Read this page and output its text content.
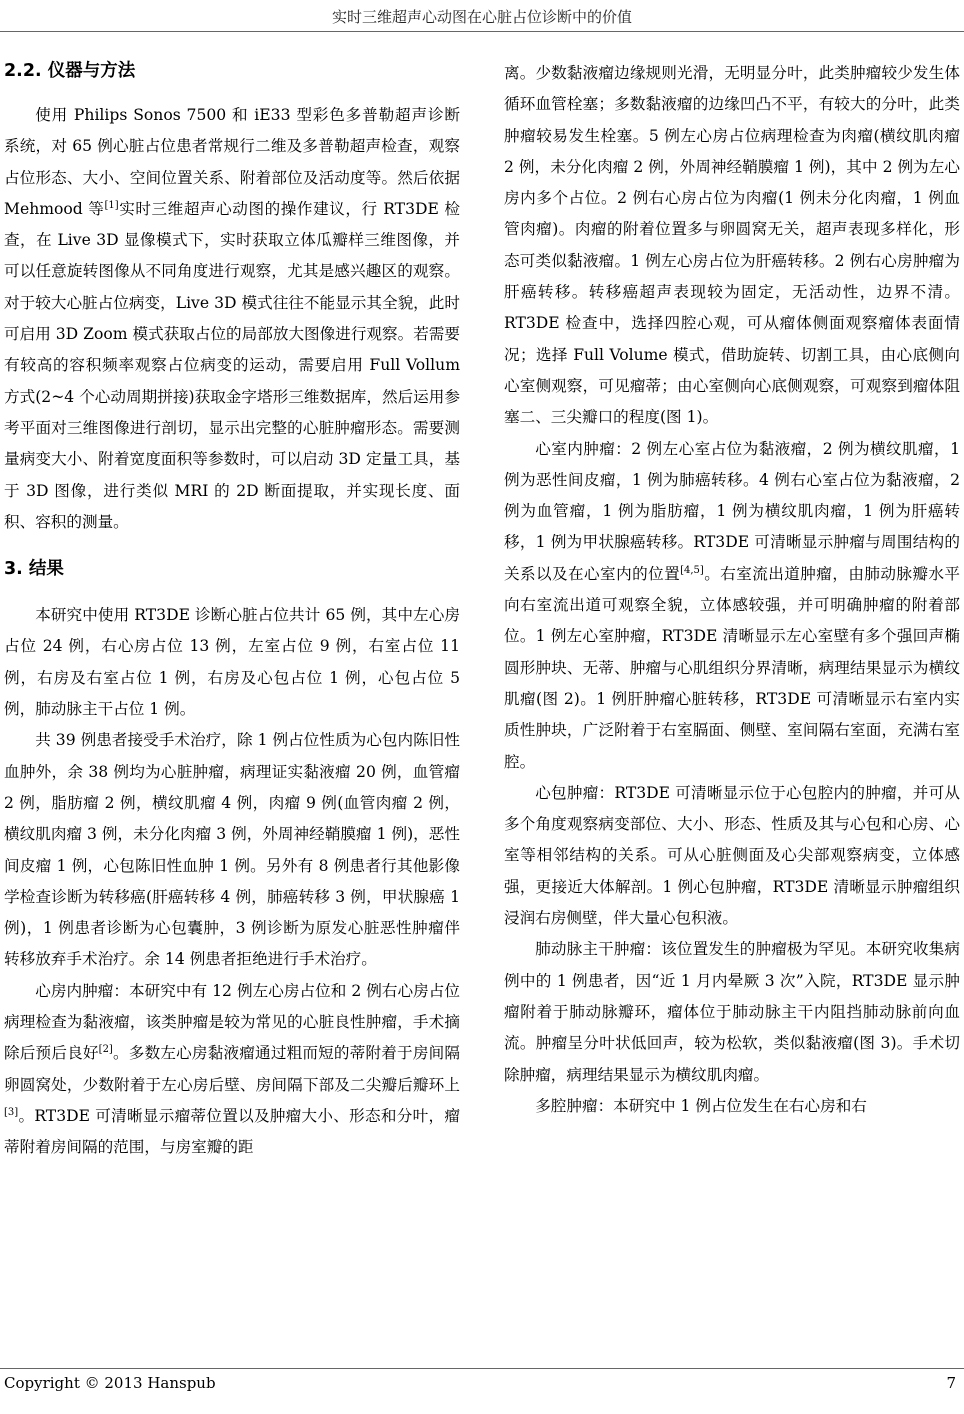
实时三维超声心动图在心脏占位诊断中的价值
2.2. 仪器与方法

使用 Philips Sonos 7500 和 iE33 型彩色多普勒超声诊断系统，对 65 例心脏占位患者常规行二维及多普勒超声检查，观察占位形态、大小、空间位置关系、附着部位及活动度等。然后依据 Mehmood 等[1]实时三维超声心动图的操作建议，行 RT3DE 检查，在 Live 3D 显像模式下，实时获取立体瓜瓣样三维图像，并可以任意旋转图像从不同角度进行观察，尤其是感兴趣区的观察。对于较大心脏占位病变，Live 3D 模式往往不能显示其全貌，此时可启用 3D Zoom 模式获取占位的局部放大图像进行观察。若需要有较高的容积频率观察占位病变的运动，需要启用 Full Vollum 方式(2~4 个心动周期拼接)获取金字塔形三维数据库，然后运用参考平面对三维图像进行剖切，显示出完整的心脏肿瘤形态。需要测量病变大小、附着宽度面积等参数时，可以启动 3D 定量工具，基于 3D 图像，进行类似 MRI 的 2D 断面提取，并实现长度、面积、容积的测量。

3. 结果

本研究中使用 RT3DE 诊断心脏占位共计 65 例，其中左心房占位 24 例，右心房占位 13 例，左室占位 9 例，右室占位 11 例，右房及右室占位 1 例，右房及心包占位 1 例，心包占位 5 例，肺动脉主干占位 1 例。

共 39 例患者接受手术治疗，除 1 例占位性质为心包内陈旧性血肿外，余 38 例均为心脏肿瘤，病理证实黏液瘤 20 例，血管瘤 2 例，脂肪瘤 2 例，横纹肌瘤 4 例，肉瘤 9 例(血管肉瘤 2 例，横纹肌肉瘤 3 例，未分化肉瘤 3 例，外周神经鞘膜瘤 1 例)，恶性间皮瘤 1 例，心包陈旧性血肿 1 例。另外有 8 例患者行其他影像学检查诊断为转移癌(肝癌转移 4 例，肺癌转移 3 例，甲状腺癌 1 例)，1 例患者诊断为心包囊肿，3 例诊断为原发心脏恶性肿瘤伴转移放弃手术治疗。余 14 例患者拒绝进行手术治疗。

心房内肿瘤：本研究中有 12 例左心房占位和 2 例右心房占位病理检查为黏液瘤，该类肿瘤是较为常见的心脏良性肿瘤，手术摘除后预后良好[2]。多数左心房黏液瘤通过粗而短的蒂附着于房间隔卵圆窝处，少数附着于左心房后壁、房间隔下部及二尖瓣后瓣环上[3]。RT3DE 可清晰显示瘤蒂位置以及肿瘤大小、形态和分叶，瘤蒂附着房间隔的范围，与房室瓣的距

离。少数黏液瘤边缘规则光滑，无明显分叶，此类肿瘤较少发生体循环血管栓塞；多数黏液瘤的边缘凹凸不平，有较大的分叶，此类肿瘤较易发生栓塞。5 例左心房占位病理检查为肉瘤(横纹肌肉瘤 2 例，未分化肉瘤 2 例，外周神经鞘膜瘤 1 例)，其中 2 例为左心房内多个占位。2 例右心房占位为肉瘤(1 例未分化肉瘤，1 例血管肉瘤)。肉瘤的附着位置多与卵圆窝无关，超声表现多样化，形态可类似黏液瘤。1 例左心房占位为肝癌转移。2 例右心房肿瘤为肝癌转移。转移癌超声表现较为固定，无活动性，边界不清。RT3DE 检查中，选择四腔心观，可从瘤体侧面观察瘤体表面情况；选择 Full Volume 模式，借助旋转、切割工具，由心底侧向心室侧观察，可见瘤蒂；由心室侧向心底侧观察，可观察到瘤体阻塞二、三尖瓣口的程度(图 1)。

心室内肿瘤：2 例左心室占位为黏液瘤，2 例为横纹肌瘤，1 例为恶性间皮瘤，1 例为肺癌转移。4 例右心室占位为黏液瘤，2 例为血管瘤，1 例为脂肪瘤，1 例为横纹肌肉瘤，1 例为肝癌转移，1 例为甲状腺癌转移。RT3DE 可清晰显示肿瘤与周围结构的关系以及在心室内的位置[4,5]。右室流出道肿瘤，由肺动脉瓣水平向右室流出道可观察全貌，立体感较强，并可明确肿瘤的附着部位。1 例左心室肿瘤，RT3DE 清晰显示左心室壁有多个强回声椭圆形肿块、无蒂、肿瘤与心肌组织分界清晰，病理结果显示为横纹肌瘤(图 2)。1 例肝肿瘤心脏转移，RT3DE 可清晰显示右室内实质性肿块，广泛附着于右室膈面、侧壁、室间隔右室面，充满右室腔。

心包肿瘤：RT3DE 可清晰显示位于心包腔内的肿瘤，并可从多个角度观察病变部位、大小、形态、性质及其与心包和心房、心室等相邻结构的关系。可从心脏侧面及心尖部观察病变，立体感强，更接近大体解剖。1 例心包肿瘤，RT3DE 清晰显示肿瘤组织浸润右房侧壁，伴大量心包积液。

肺动脉主干肿瘤：该位置发生的肿瘤极为罕见。本研究收集病例中的 1 例患者，因“近 1 月内晕厥 3 次”入院，RT3DE 显示肿瘤附着于肺动脉瓣环，瘤体位于肺动脉主干内阻挡肺动脉前向血流。肿瘤呈分叶状低回声，较为松软，类似黏液瘤(图 3)。手术切除肿瘤，病理结果显示为横纹肌肉瘤。

多腔肿瘤：本研究中 1 例占位发生在右心房和右

Copyright © 2013 Hanspub	7
